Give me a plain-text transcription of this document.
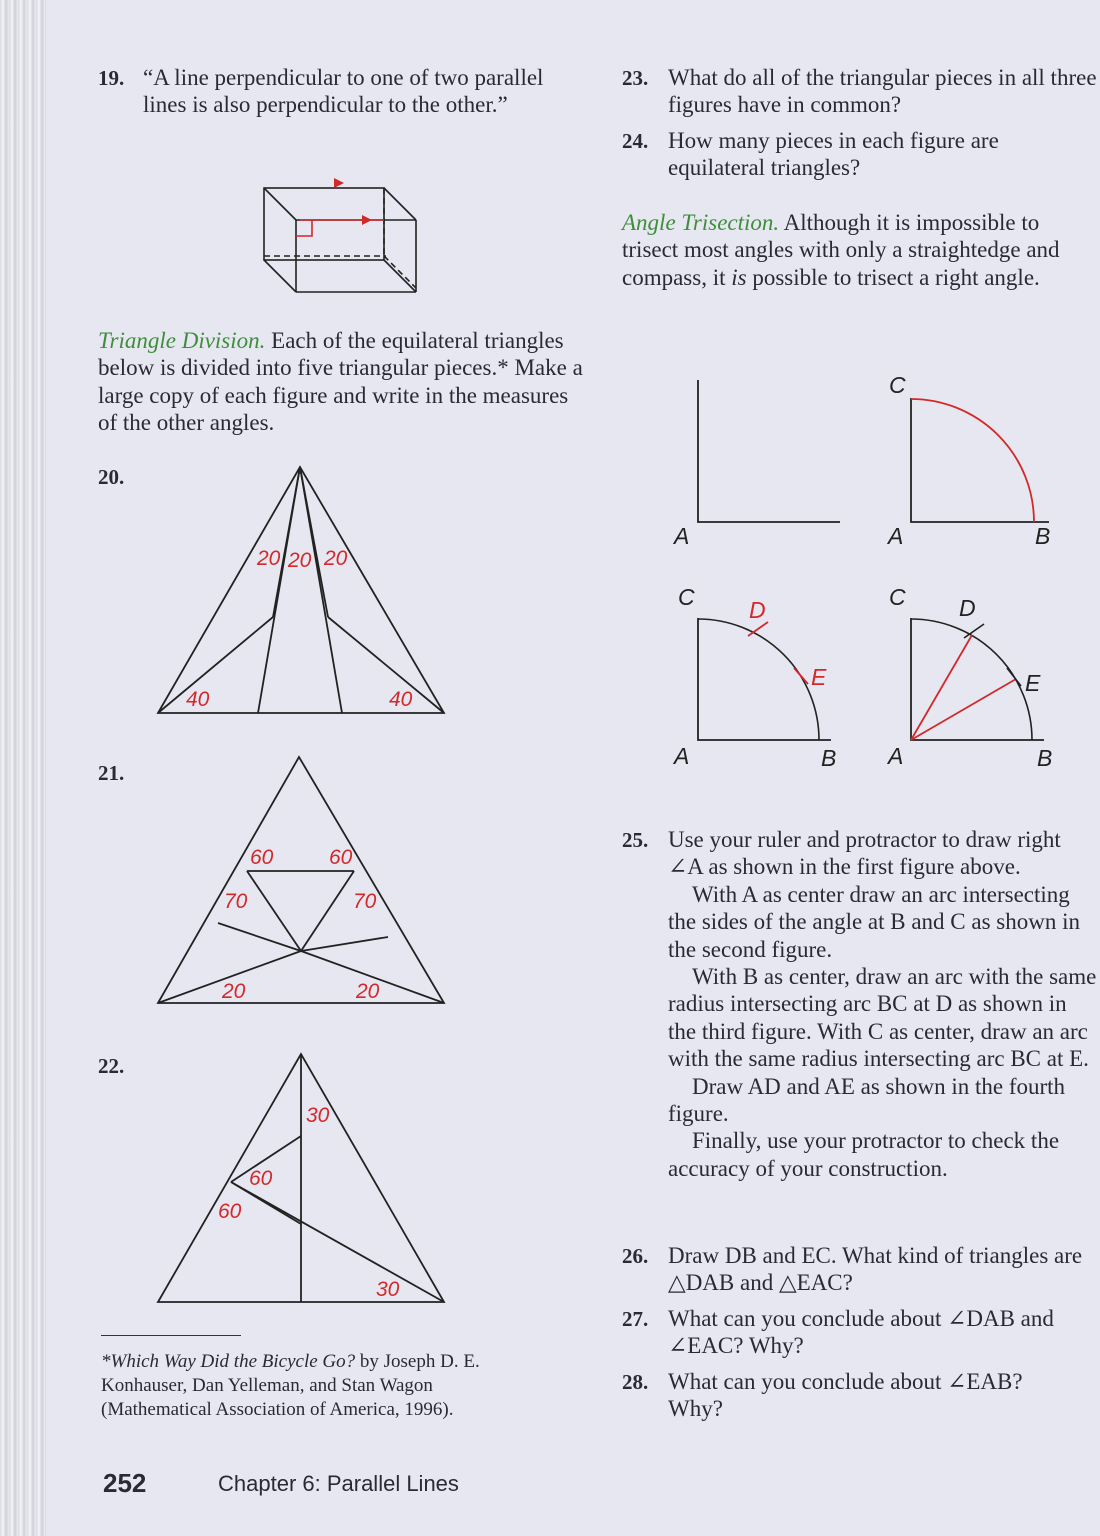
19. “A line perpendicular to one of two parallel lines is also perpendicular to the other.”
Triangle Division. Each of the equilateral triangles below is divided into five triangular pieces.* Make a large copy of each figure and write in the measures of the other angles.
20.
20 20 20
40	40
21.
60	60
70	70
20	20
22.
30
60
60
30
*Which Way Did the Bicycle Go? by Joseph D. E. Konhauser, Dan Yelleman, and Stan Wagon (Mathematical Association of America, 1996).
23. What do all of the triangular pieces in all three figures have in common?
24. How many pieces in each figure are equilateral triangles?
Angle Trisection. Although it is impossible to trisect most angles with only a straightedge and compass, it is possible to trisect a right angle.
A
C
A	B
C D
E
A	B
C D
E
A	B
25. Use your ruler and protractor to draw right ∠A as shown in the first figure above.
With A as center draw an arc intersecting the sides of the angle at B and C as shown in the second figure.
With B as center, draw an arc with the same radius intersecting arc BC at D as shown in the third figure. With C as center, draw an arc with the same radius intersecting arc BC at E.
Draw AD and AE as shown in the fourth figure.
Finally, use your protractor to check the accuracy of your construction.
26. Draw DB and EC. What kind of triangles are △DAB and △EAC?
27. What can you conclude about ∠DAB and ∠EAC? Why?
28. What can you conclude about ∠EAB? Why?
252	Chapter 6: Parallel Lines
